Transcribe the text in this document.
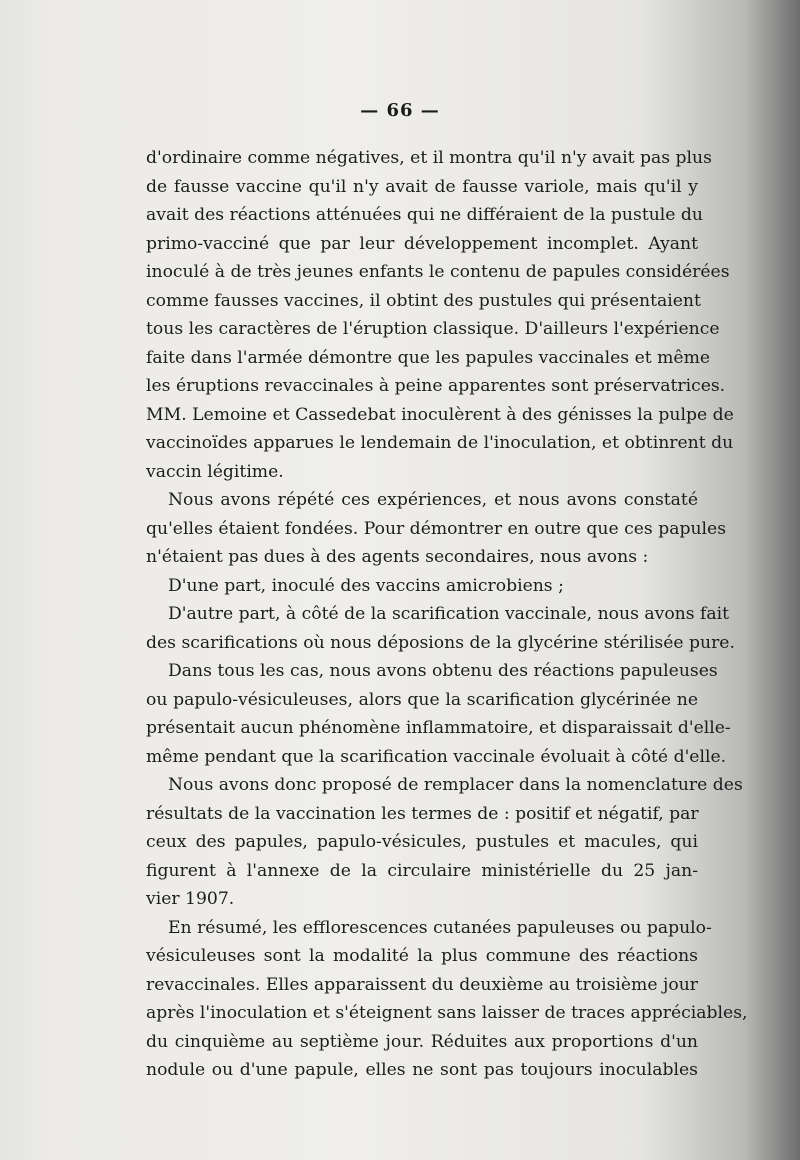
— 66 —
d'ordinaire comme négatives, et il montra qu'il n'y avait pas plus
de fausse vaccine qu'il n'y avait de fausse variole, mais qu'il y
avait des réactions atténuées qui ne différaient de la pustule du
primo-vacciné que par leur développement incomplet. Ayant
inoculé à de très jeunes enfants le contenu de papules considérées
comme fausses vaccines, il obtint des pustules qui présentaient
tous les caractères de l'éruption classique. D'ailleurs l'expérience
faite dans l'armée démontre que les papules vaccinales et même
les éruptions revaccinales à peine apparentes sont préservatrices.
MM. Lemoine et Cassedebat inoculèrent à des génisses la pulpe de
vaccinoïdes apparues le lendemain de l'inoculation, et obtinrent du
vaccin légitime.
Nous avons répété ces expériences, et nous avons constaté
qu'elles étaient fondées. Pour démontrer en outre que ces papules
n'étaient pas dues à des agents secondaires, nous avons :
D'une part, inoculé des vaccins amicrobiens ;
D'autre part, à côté de la scarification vaccinale, nous avons fait
des scarifications où nous déposions de la glycérine stérilisée pure.
Dans tous les cas, nous avons obtenu des réactions papuleuses
ou papulo-vésiculeuses, alors que la scarification glycérinée ne
présentait aucun phénomène inflammatoire, et disparaissait d'elle-
même pendant que la scarification vaccinale évoluait à côté d'elle.
Nous avons donc proposé de remplacer dans la nomenclature des
résultats de la vaccination les termes de : positif et négatif, par
ceux des papules, papulo-vésicules, pustules et macules, qui
figurent à l'annexe de la circulaire ministérielle du 25 jan-
vier 1907.
En résumé, les efflorescences cutanées papuleuses ou papulo-
vésiculeuses sont la modalité la plus commune des réactions
revaccinales. Elles apparaissent du deuxième au troisième jour
après l'inoculation et s'éteignent sans laisser de traces appréciables,
du cinquième au septième jour. Réduites aux proportions d'un
nodule ou d'une papule, elles ne sont pas toujours inoculables
